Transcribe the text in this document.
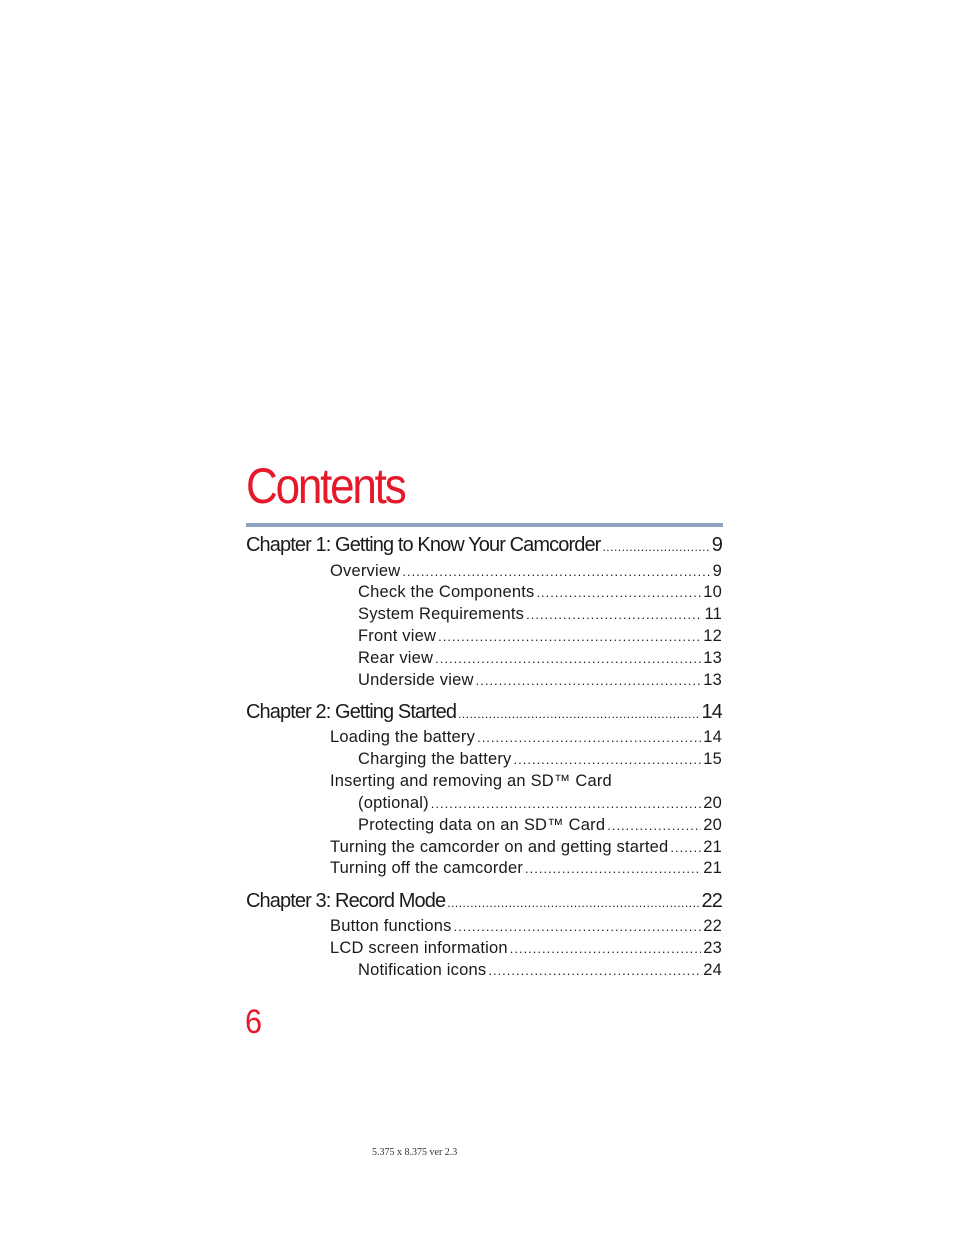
Contents
Chapter 1: Getting to Know Your Camcorder .....	9
Overview .....	9
Check the Components .....	10
System Requirements .....	11
Front view .....	12
Rear view .....	13
Underside view .....	13
Chapter 2: Getting Started .....	14
Loading the battery .....	14
Charging the battery .....	15
Inserting and removing an SD™ Card
(optional) .....	20
Protecting data on an SD™ Card .....	20
Turning the camcorder on and getting started ..... 21
Turning off the camcorder .....	21
Chapter 3: Record Mode .....	22
Button functions .....	22
LCD screen information .....	23
Notification icons .....	24
6
5.375 x 8.375 ver 2.3
